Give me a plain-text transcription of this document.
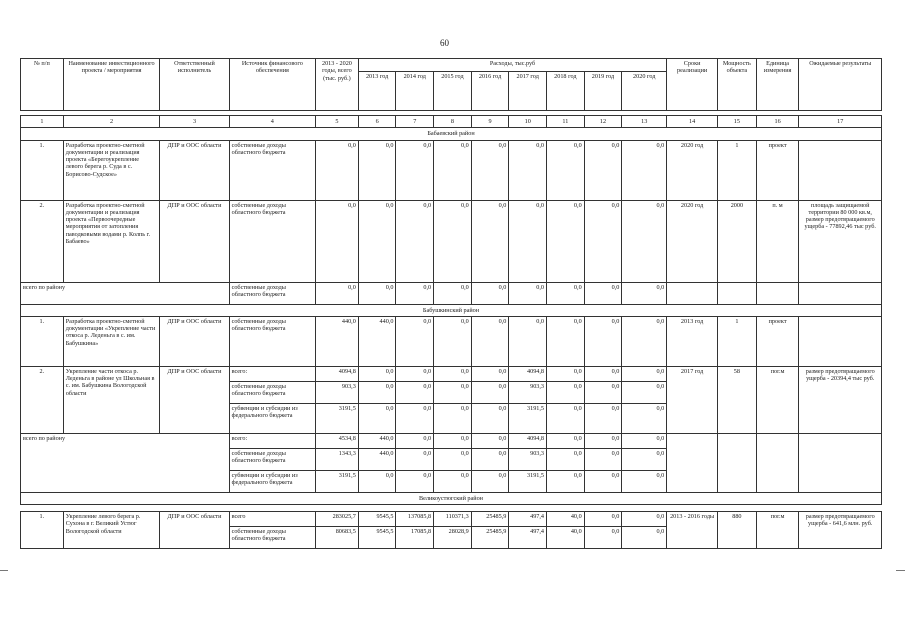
60
№ п/п	Наименование инвестиционного проекта / мероприятия	Ответственный исполнитель	Источник финансового обеспечения	2013 - 2020 годы, всего (тыс. руб.)	Расходы, тыс.руб								Сроки реализации	Мощность объекта	Единица измерения	Ожидаемые результаты
					2013 год	2014 год	2015 год	2016 год	2017 год	2018 год	2019 год	2020 год				

1	2	3	4	5	6	7	8	9	10	11	12	13	14	15	16	17
Бабаевский район																
1.	Разработка проектно-сметной документации и реализация проекта «Берегоукрепление левого берега р. Суда в с. Борисово-Судское»	ДПР и ООС области	собственные доходы областного бюджета	0,0	0,0	0,0	0,0	0,0	0,0	0,0	0,0	0,0	2020 год	1	проект	
2.	Разработка проектно-сметной документации и реализация проекта «Первоочередные мероприятия от затопления паводковыми водами р. Колпь г. Бабаево»	ДПР и ООС области	собственные доходы областного бюджета	0,0	0,0	0,0	0,0	0,0	0,0	0,0	0,0	0,0	2020 год	2000	п. м	площадь защищаемой территории 80 000 кв.м, размер предотвращаемого ущерба - 77892,46 тыс руб.
всего по району			собственные доходы областного бюджета	0,0	0,0	0,0	0,0	0,0	0,0	0,0	0,0	0,0				
Бабушкинский район																
1.	Разработка проектно-сметной документации «Укрепление части откоса р. Леденьга в с. им. Бабушкина»	ДПР и ООС области	собственные доходы областного бюджета	440,0	440,0	0,0	0,0	0,0	0,0	0,0	0,0	0,0	2013 год	1	проект	
2.	Укрепление части откоса р. Леденьга в районе ул Школьная в с. им. Бабушкина Вологодской области	ДПР и ООС области	всего:	4094,8	0,0	0,0	0,0	0,0	4094,8	0,0	0,0	0,0	2017 год	58	пог.м	размер предотвращаемого ущерба - 20394,4 тыс руб.
			собственные доходы областного бюджета	903,3	0,0	0,0	0,0	0,0	903,3	0,0	0,0	0,0				
			субвенции и субсидии из федерального бюджета	3191,5	0,0	0,0	0,0	0,0	3191,5	0,0	0,0	0,0				
всего по району			всего:	4534,8	440,0	0,0	0,0	0,0	4094,8	0,0	0,0	0,0				
			собственные доходы областного бюджета	1343,3	440,0	0,0	0,0	0,0	903,3	0,0	0,0	0,0				
			субвенции и субсидии из федерального бюджета	3191,5	0,0	0,0	0,0	0,0	3191,5	0,0	0,0	0,0				
Великоустюгский район																

1.	Укрепление левого берега р. Сухона в г. Великий Устюг Вологодской области	ДПР и ООС области	всего	283025,7	9545,5	137085,8	110371,3	25485,9	497,4	40,0	0,0	0,0	2013 - 2016 годы	880	пог.м	размер предотвращаемого ущерба - 641,6 млн. руб.
			собственные доходы областного бюджета	80683,5	9545,5	17085,8	28028,9	25485,9	497,4	40,0	0,0	0,0				
